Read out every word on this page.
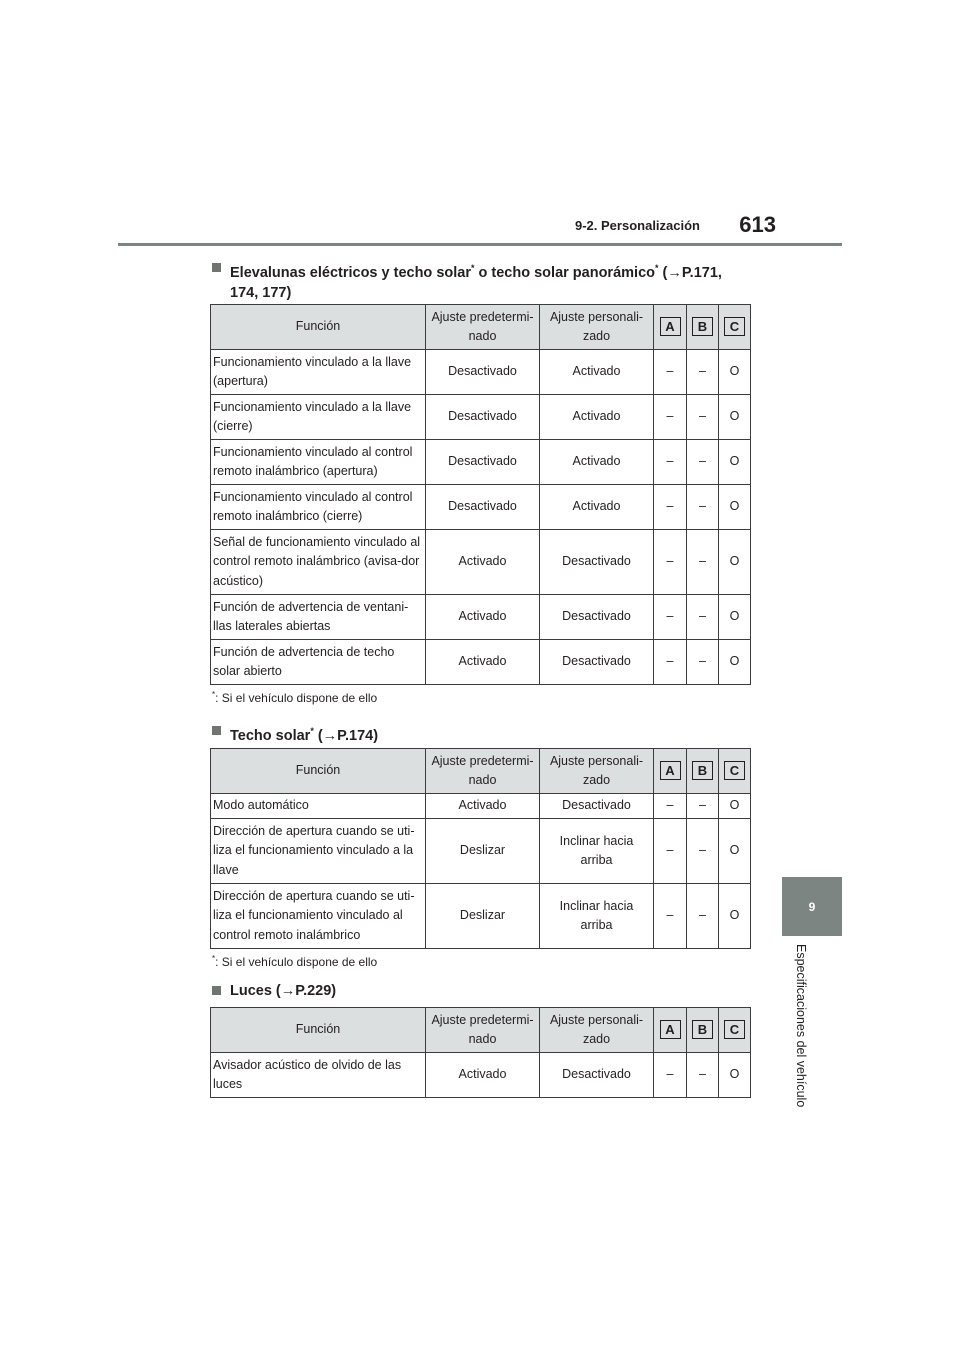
9-2. Personalización	613
9
Especificaciones del vehículo
Elevalunas eléctricos y techo solar* o techo solar panorámico* (→P.171, 174, 177)
Función	Ajuste predetermi-nado	Ajuste personali-zado	A	B	C
Funcionamiento vinculado a la llave (apertura)	Desactivado	Activado	–	–	O
Funcionamiento vinculado a la llave (cierre)	Desactivado	Activado	–	–	O
Funcionamiento vinculado al control remoto inalámbrico (apertura)	Desactivado	Activado	–	–	O
Funcionamiento vinculado al control remoto inalámbrico (cierre)	Desactivado	Activado	–	–	O
Señal de funcionamiento vinculado al control remoto inalámbrico (avisa-dor acústico)	Activado	Desactivado	–	–	O
Función de advertencia de ventani-llas laterales abiertas	Activado	Desactivado	–	–	O
Función de advertencia de techo solar abierto	Activado	Desactivado	–	–	O
*: Si el vehículo dispone de ello
Techo solar* (→P.174)
Función	Ajuste predetermi-nado	Ajuste personali-zado	A	B	C
Modo automático	Activado	Desactivado	–	–	O
Dirección de apertura cuando se uti-liza el funcionamiento vinculado a la llave	Deslizar	Inclinar hacia arriba	–	–	O
Dirección de apertura cuando se uti-liza el funcionamiento vinculado al control remoto inalámbrico	Deslizar	Inclinar hacia arriba	–	–	O
*: Si el vehículo dispone de ello
Luces (→P.229)
Función	Ajuste predetermi-nado	Ajuste personali-zado	A	B	C
Avisador acústico de olvido de las luces	Activado	Desactivado	–	–	O
